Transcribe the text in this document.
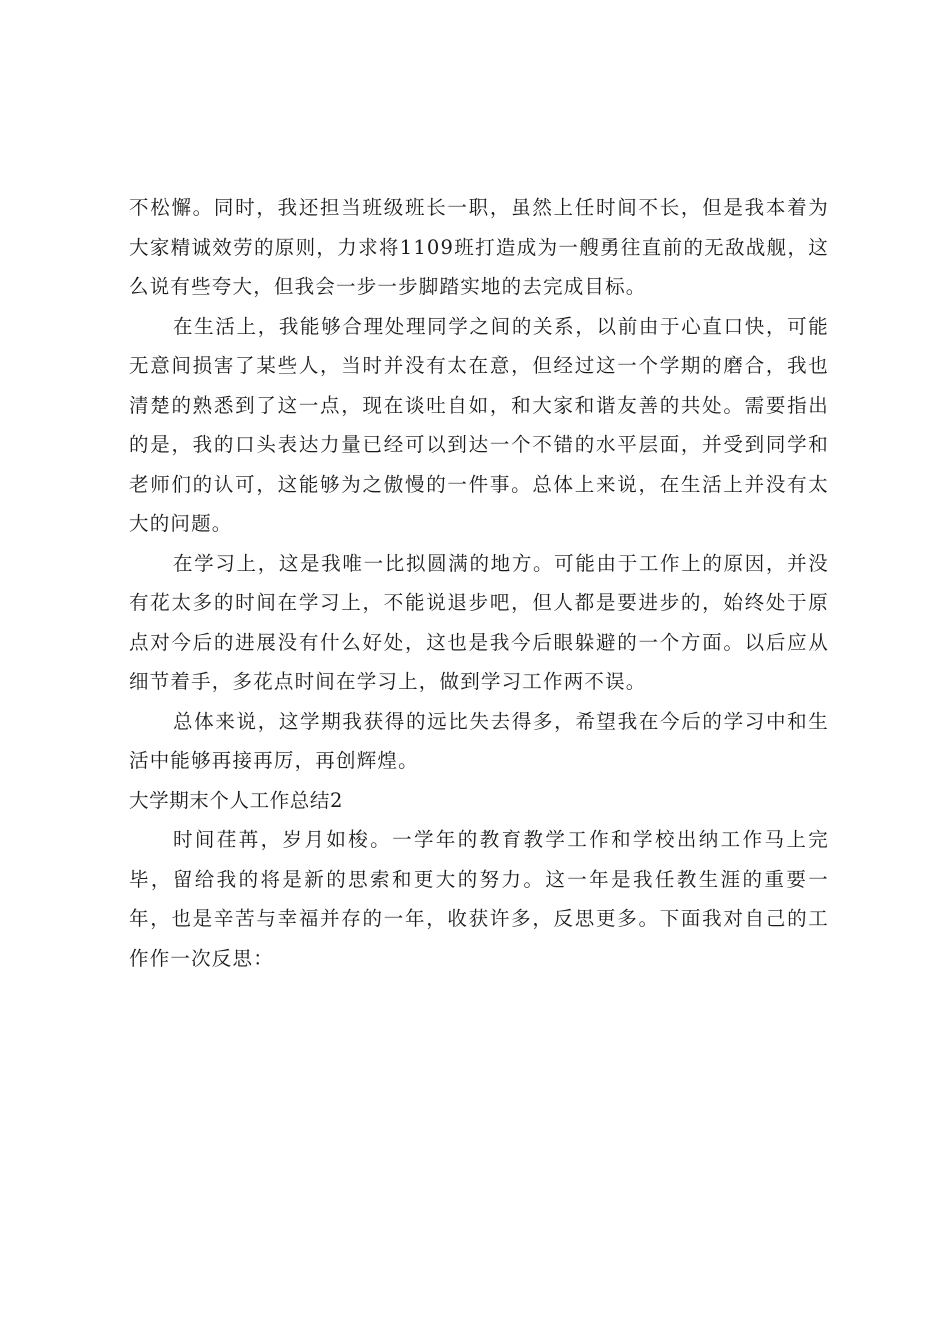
不松懈。同时，我还担当班级班长一职，虽然上任时间不长，但是我本着为大家精诚效劳的原则，力求将1109班打造成为一艘勇往直前的无敌战舰，这么说有些夸大，但我会一步一步脚踏实地的去完成目标。

在生活上，我能够合理处理同学之间的关系，以前由于心直口快，可能无意间损害了某些人，当时并没有太在意，但经过这一个学期的磨合，我也清楚的熟悉到了这一点，现在谈吐自如，和大家和谐友善的共处。需要指出的是，我的口头表达力量已经可以到达一个不错的水平层面，并受到同学和老师们的认可，这能够为之傲慢的一件事。总体上来说，在生活上并没有太大的问题。

在学习上，这是我唯一比拟圆满的地方。可能由于工作上的原因，并没有花太多的时间在学习上，不能说退步吧，但人都是要进步的，始终处于原点对今后的进展没有什么好处，这也是我今后眼躲避的一个方面。以后应从细节着手，多花点时间在学习上，做到学习工作两不误。

总体来说，这学期我获得的远比失去得多，希望我在今后的学习中和生活中能够再接再厉，再创辉煌。

大学期末个人工作总结2

时间荏苒，岁月如梭。一学年的教育教学工作和学校出纳工作马上完毕，留给我的将是新的思索和更大的努力。这一年是我任教生涯的重要一年，也是辛苦与幸福并存的一年，收获许多，反思更多。下面我对自己的工作作一次反思：
